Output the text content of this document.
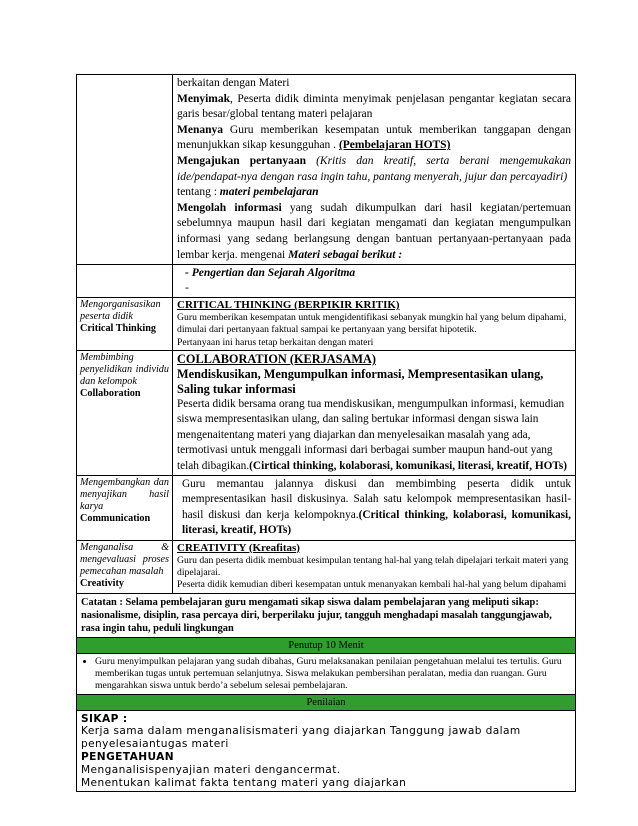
berkaitan dengan Materi

Menyimak, Peserta didik diminta menyimak penjelasan pengantar kegiatan secara garis besar/global tentang materi pelajaran

Menanya Guru memberikan kesempatan untuk memberikan tanggapan dengan menunjukkan sikap kesungguhan . (Pembelajaran HOTS)

Mengajukan pertanyaan (Kritis dan kreatif, serta berani mengemukakan ide/pendapat-nya dengan rasa ingin tahu, pantang menyerah, jujur dan percayadiri)

tentang : materi pembelajaran

Mengolah informasi yang sudah dikumpulkan dari hasil kegiatan/pertemuan sebelumnya maupun hasil dari kegiatan mengamati dan kegiatan mengumpulkan informasi yang sedang berlangsung dengan bantuan pertanyaan-pertanyaan pada lembar kerja. mengenai Materi sebagai berikut :

- Pengertian dan Sejarah Algoritma

-

Mengorganisasikan peserta didik
Critical Thinking
CRITICAL THINKING (BERPIKIR KRITIK)

Guru memberikan kesempatan untuk mengidentifikasi sebanyak mungkin hal yang belum dipahami, dimulai dari pertanyaan faktual sampai ke pertanyaan yang bersifat hipotetik.

Pertanyaan ini harus tetap berkaitan dengan materi

Membimbing penyelidikan individu dan kelompok
Collaboration
COLLABORATION (KERJASAMA)
Mendiskusikan, Mengumpulkan informasi, Mempresentasikan ulang, Saling tukar informasi

Peserta didik bersama orang tua mendiskusikan, mengumpulkan informasi, kemudian siswa mempresentasikan ulang, dan saling bertukar informasi dengan siswa lain mengenaitentang materi yang diajarkan dan menyelesaikan masalah yang ada, termotivasi untuk menggali informasi dari berbagai sumber maupun hand-out yang telah dibagikan.(Cirtical thinking, kolaborasi, komunikasi, literasi, kreatif, HOTs)

Mengembangkan dan menyajikan hasil karya
Communication

Guru memantau jalannya diskusi dan membimbing peserta didik untuk mempresentasikan hasil diskusinya. Salah satu kelompok mempresentasikan hasil-hasil diskusi dan kerja kelompoknya.(Critical thinking, kolaborasi, komunikasi, literasi, kreatif, HOTs)

Menganalisa & mengevaluasi proses pemecahan masalah
Creativity
CREATIVITY (Kreafitas)

Guru dan peserta didik membuat kesimpulan tentang hal-hal yang telah dipelajari terkait materi yang dipelajarai.

Peserta didik kemudian diberi kesempatan untuk menanyakan kembali hal-hal yang belum dipahami

Catatan : Selama pembelajaran guru mengamati sikap siswa dalam pembelajaran yang meliputi sikap: nasionalisme, disiplin, rasa percaya diri, berperilaku jujur, tangguh menghadapi masalah tanggungjawab, rasa ingin tahu, peduli lingkungan
Penutup 10 Menit
• Guru menyimpulkan pelajaran yang sudah dibahas, Guru melaksanakan penilaian pengetahuan melalui tes tertulis. Guru memberikan tugas untuk pertemuan selanjutnya. Siswa melakukan pembersihan peralatan, media dan ruangan. Guru mengarahkan siswa untuk berdo’a sebelum selesai pembelajaran.
Penilaian
SIKAP :
Kerja sama dalam menganalisismateri yang diajarkan Tanggung jawab dalam
penyelesaiantugas materi
PENGETAHUAN
Menganalisispenyajian materi dengancermat.
Menentukan kalimat fakta tentang materi yang diajarkan
